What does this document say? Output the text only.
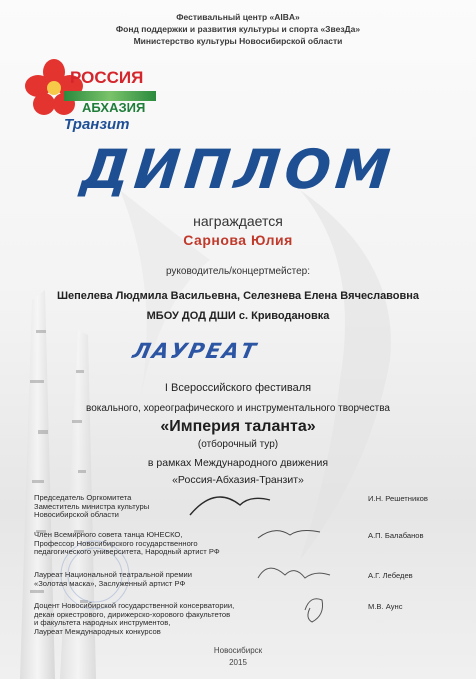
Фестивальный центр «AIBA»
Фонд поддержки и развития культуры и спорта «ЗвезДа»
Министерство культуры Новосибирской области
РОССИЯ
АБХАЗИЯ
Транзит
ДИПЛОМ
награждается
Сарнова Юлия
руководитель/концертмейстер:
Шепелева Людмила Васильевна, Селезнева Елена Вячеславовна
МБОУ ДОД ДШИ с. Криводановка
ЛАУРЕАТ
I Всероссийского фестиваля
вокального, хореографического и инструментального творчества
«Империя таланта»
(отборочный тур)
в рамках Международного движения
«Россия-Абхазия-Транзит»
Председатель Оргкомитета
Заместитель министра культуры
Новосибирской области
И.Н. Решетников
Член Всемирного совета танца ЮНЕСКО,
Профессор Новосибирского государственного
педагогического университета, Народный артист РФ
А.П. Балабанов
Лауреат Национальной театральной премии
«Золотая маска», Заслуженный артист РФ
А.Г. Лебедев
Доцент Новосибирской государственной консерватории,
декан оркестрового, дирижерско-хорового факультетов
и факультета народных инструментов,
Лауреат Международных конкурсов
М.В. Аунс
Новосибирск
2015
